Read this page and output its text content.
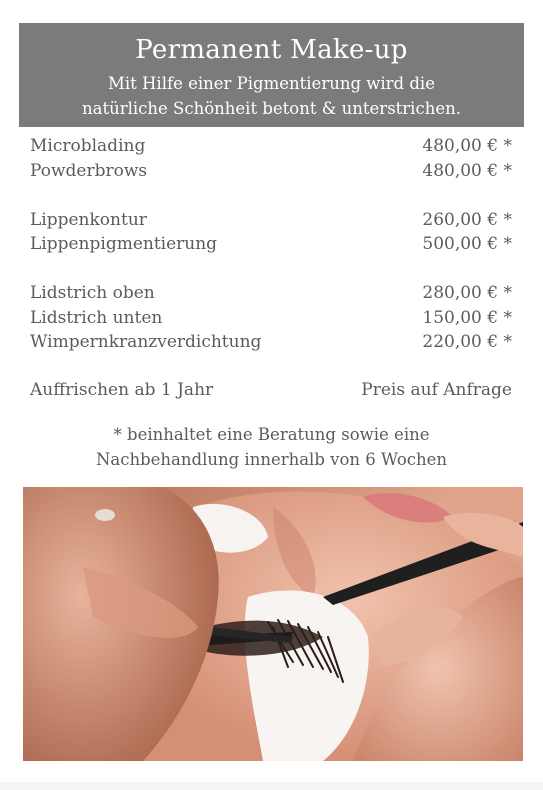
Permanent Make-up
Mit Hilfe einer Pigmentierung wird die
natürliche Schönheit betont & unterstrichen.
Microblading	480,00 € *
Powderbrows	480,00 € *
Lippenkontur	260,00 € *
Lippenpigmentierung	500,00 € *
Lidstrich oben	280,00 € *
Lidstrich unten	150,00 € *
Wimpernkranzverdichtung	220,00 € *
Auffrischen ab 1 Jahr	Preis auf Anfrage
* beinhaltet eine Beratung sowie eine
Nachbehandlung innerhalb von 6 Wochen
